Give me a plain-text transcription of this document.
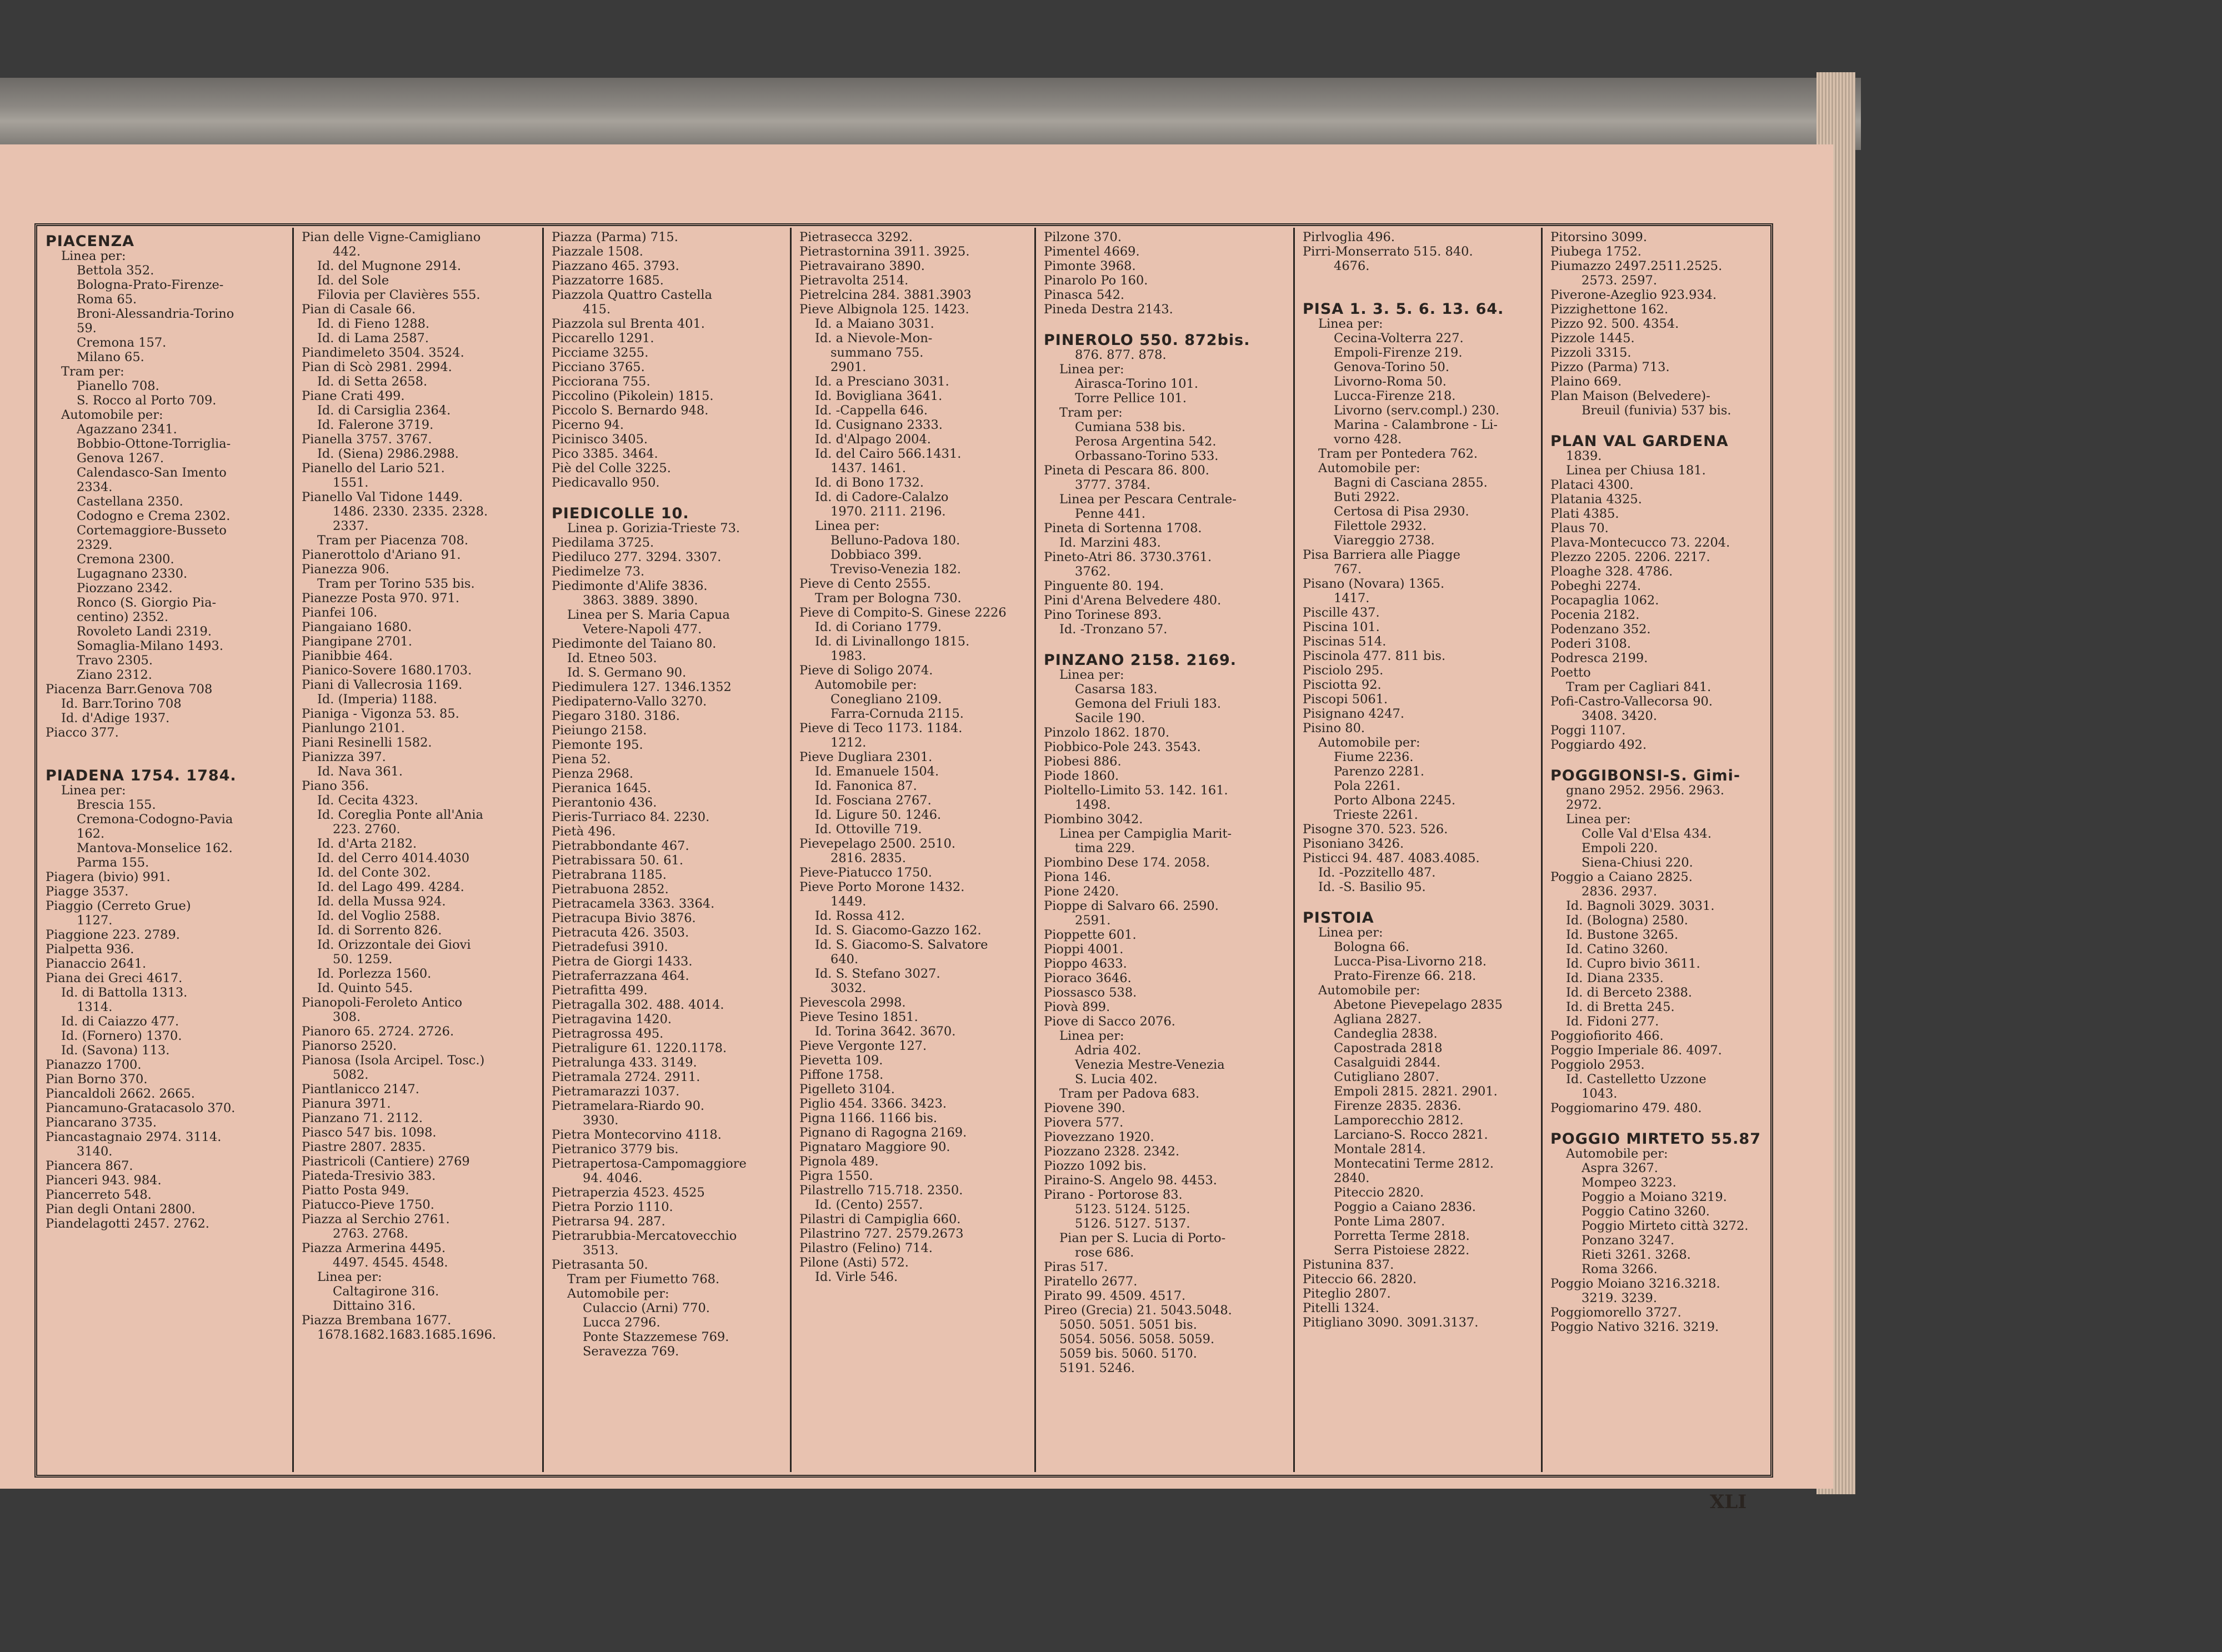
PIACENZA
Linea per:
Bettola 352.
Bologna-Prato-Firenze-
Roma 65.
Broni-Alessandria-Torino
59.
Cremona 157.
Milano 65.
Tram per:
Pianello 708.
S. Rocco al Porto 709.
Automobile per:
Agazzano 2341.
Bobbio-Ottone-Torriglia-
Genova 1267.
Calendasco-San Imento
2334.
Castellana 2350.
Codogno e Crema 2302.
Cortemaggiore-Busseto
2329.
Cremona 2300.
Lugagnano 2330.
Piozzano 2342.
Ronco (S. Giorgio Pia-
centino) 2352.
Rovoleto Landi 2319.
Somaglia-Milano 1493.
Travo 2305.
Ziano 2312.
Piacenza Barr.Genova 708
Id. Barr.Torino 708
Id. d'Adige 1937.
Piacco 377.
PIADENA 1754. 1784.
Linea per:
Brescia 155.
Cremona-Codogno-Pavia
162.
Mantova-Monselice 162.
Parma 155.
Piagera (bivio) 991.
Piagge 3537.
Piaggio (Cerreto Grue)
1127.
Piaggione 223. 2789.
Pialpetta 936.
Pianaccio 2641.
Piana dei Greci 4617.
Id. di Battolla 1313.
1314.
Id. di Caiazzo 477.
Id. (Fornero) 1370.
Id. (Savona) 113.
Pianazzo 1700.
Pian Borno 370.
Piancaldoli 2662. 2665.
Piancamuno-Gratacasolo 370.
Piancarano 3735.
Piancastagnaio 2974. 3114.
3140.
Piancera 867.
Pianceri 943. 984.
Piancerreto 548.
Pian degli Ontani 2800.
Piandelagotti 2457. 2762.
Pian delle Vigne-Camigliano
442.
Id. del Mugnone 2914.
Id. del Sole
Filovia per Clavières 555.
Pian di Casale 66.
Id. di Fieno 1288.
Id. di Lama 2587.
Piandimeleto 3504. 3524.
Pian di Scò 2981. 2994.
Id. di Setta 2658.
Piane Crati 499.
Id. di Carsiglia 2364.
Id. Falerone 3719.
Pianella 3757. 3767.
Id. (Siena) 2986.2988.
Pianello del Lario 521.
1551.
Pianello Val Tidone 1449.
1486. 2330. 2335. 2328.
2337.
Tram per Piacenza 708.
Pianerottolo d'Ariano 91.
Pianezza 906.
Tram per Torino 535 bis.
Pianezze Posta 970. 971.
Pianfei 106.
Piangaiano 1680.
Piangipane 2701.
Pianibbie 464.
Pianico-Sovere 1680.1703.
Piani di Vallecrosia 1169.
Id. (Imperia) 1188.
Pianiga - Vigonza 53. 85.
Pianlungo 2101.
Piani Resinelli 1582.
Pianizza 397.
Id. Nava 361.
Piano 356.
Id. Cecita 4323.
Id. Coreglia Ponte all'Ania
223. 2760.
Id. d'Arta 2182.
Id. del Cerro 4014.4030
Id. del Conte 302.
Id. del Lago 499. 4284.
Id. della Mussa 924.
Id. del Voglio 2588.
Id. di Sorrento 826.
Id. Orizzontale dei Giovi
50. 1259.
Id. Porlezza 1560.
Id. Quinto 545.
Pianopoli-Feroleto Antico
308.
Pianoro 65. 2724. 2726.
Pianorso 2520.
Pianosa (Isola Arcipel. Tosc.)
5082.
Piantlanicco 2147.
Pianura 3971.
Pianzano 71. 2112.
Piasco 547 bis. 1098.
Piastre 2807. 2835.
Piastricoli (Cantiere) 2769
Piateda-Tresivio 383.
Piatto Posta 949.
Piatucco-Pieve 1750.
Piazza al Serchio 2761.
2763. 2768.
Piazza Armerina 4495.
4497. 4545. 4548.
Linea per:
Caltagirone 316.
Dittaino 316.
Piazza Brembana 1677.
1678.1682.1683.1685.1696.
Piazza (Parma) 715.
Piazzale 1508.
Piazzano 465. 3793.
Piazzatorre 1685.
Piazzola Quattro Castella
415.
Piazzola sul Brenta 401.
Piccarello 1291.
Picciame 3255.
Picciano 3765.
Picciorana 755.
Piccolino (Pikolein) 1815.
Piccolo S. Bernardo 948.
Picerno 94.
Picinisco 3405.
Pico 3385. 3464.
Piè del Colle 3225.
Piedicavallo 950.
PIEDICOLLE 10.
Linea p. Gorizia-Trieste 73.
Piedilama 3725.
Piediluco 277. 3294. 3307.
Piedimelze 73.
Piedimonte d'Alife 3836.
3863. 3889. 3890.
Linea per S. Maria Capua
Vetere-Napoli 477.
Piedimonte del Taiano 80.
Id. Etneo 503.
Id. S. Germano 90.
Piedimulera 127. 1346.1352
Piedipaterno-Vallo 3270.
Piegaro 3180. 3186.
Pieiungo 2158.
Piemonte 195.
Piena 52.
Pienza 2968.
Pieranica 1645.
Pierantonio 436.
Pieris-Turriaco 84. 2230.
Pietà 496.
Pietrabbondante 467.
Pietrabissara 50. 61.
Pietrabrana 1185.
Pietrabuona 2852.
Pietracamela 3363. 3364.
Pietracupa Bivio 3876.
Pietracuta 426. 3503.
Pietradefusi 3910.
Pietra de Giorgi 1433.
Pietraferrazzana 464.
Pietrafitta 499.
Pietragalla 302. 488. 4014.
Pietragavina 1420.
Pietragrossa 495.
Pietraligure 61. 1220.1178.
Pietralunga 433. 3149.
Pietramala 2724. 2911.
Pietramarazzi 1037.
Pietramelara-Riardo 90.
3930.
Pietra Montecorvino 4118.
Pietranico 3779 bis.
Pietrapertosa-Campomaggiore
94. 4046.
Pietraperzia 4523. 4525
Pietra Porzio 1110.
Pietrarsa 94. 287.
Pietrarubbia-Mercatovecchio
3513.
Pietrasanta 50.
Tram per Fiumetto 768.
Automobile per:
Culaccio (Arni) 770.
Lucca 2796.
Ponte Stazzemese 769.
Seravezza 769.
Pietrasecca 3292.
Pietrastornina 3911. 3925.
Pietravairano 3890.
Pietravolta 2514.
Pietrelcina 284. 3881.3903
Pieve Albignola 125. 1423.
Id. a Maiano 3031.
Id. a Nievole-Mon-
summano 755.
2901.
Id. a Presciano 3031.
Id. Bovigliana 3641.
Id. -Cappella 646.
Id. Cusignano 2333.
Id. d'Alpago 2004.
Id. del Cairo 566.1431.
1437. 1461.
Id. di Bono 1732.
Id. di Cadore-Calalzo
1970. 2111. 2196.
Linea per:
Belluno-Padova 180.
Dobbiaco 399.
Treviso-Venezia 182.
Pieve di Cento 2555.
Tram per Bologna 730.
Pieve di Compito-S. Ginese 2226
Id. di Coriano 1779.
Id. di Livinallongo 1815.
1983.
Pieve di Soligo 2074.
Automobile per:
Conegliano 2109.
Farra-Cornuda 2115.
Pieve di Teco 1173. 1184.
1212.
Pieve Dugliara 2301.
Id. Emanuele 1504.
Id. Fanonica 87.
Id. Fosciana 2767.
Id. Ligure 50. 1246.
Id. Ottoville 719.
Pievepelago 2500. 2510.
2816. 2835.
Pieve-Piatucco 1750.
Pieve Porto Morone 1432.
1449.
Id. Rossa 412.
Id. S. Giacomo-Gazzo 162.
Id. S. Giacomo-S. Salvatore
640.
Id. S. Stefano 3027.
3032.
Pievescola 2998.
Pieve Tesino 1851.
Id. Torina 3642. 3670.
Pieve Vergonte 127.
Pievetta 109.
Piffone 1758.
Pigelleto 3104.
Piglio 454. 3366. 3423.
Pigna 1166. 1166 bis.
Pignano di Ragogna 2169.
Pignataro Maggiore 90.
Pignola 489.
Pigra 1550.
Pilastrello 715.718. 2350.
Id. (Cento) 2557.
Pilastri di Campiglia 660.
Pilastrino 727. 2579.2673
Pilastro (Felino) 714.
Pilone (Asti) 572.
Id. Virle 546.
Pilzone 370.
Pimentel 4669.
Pimonte 3968.
Pinarolo Po 160.
Pinasca 542.
Pineda Destra 2143.
PINEROLO 550. 872bis.
876. 877. 878.
Linea per:
Airasca-Torino 101.
Torre Pellice 101.
Tram per:
Cumiana 538 bis.
Perosa Argentina 542.
Orbassano-Torino 533.
Pineta di Pescara 86. 800.
3777. 3784.
Linea per Pescara Centrale-
Penne 441.
Pineta di Sortenna 1708.
Id. Marzini 483.
Pineto-Atri 86. 3730.3761.
3762.
Pinguente 80. 194.
Pini d'Arena Belvedere 480.
Pino Torinese 893.
Id. -Tronzano 57.
PINZANO 2158. 2169.
Linea per:
Casarsa 183.
Gemona del Friuli 183.
Sacile 190.
Pinzolo 1862. 1870.
Piobbico-Pole 243. 3543.
Piobesi 886.
Piode 1860.
Pioltello-Limito 53. 142. 161.
1498.
Piombino 3042.
Linea per Campiglia Marit-
tima 229.
Piombino Dese 174. 2058.
Piona 146.
Pione 2420.
Pioppe di Salvaro 66. 2590.
2591.
Pioppette 601.
Pioppi 4001.
Pioppo 4633.
Pioraco 3646.
Piossasco 538.
Piovà 899.
Piove di Sacco 2076.
Linea per:
Adria 402.
Venezia Mestre-Venezia
S. Lucia 402.
Tram per Padova 683.
Piovene 390.
Piovera 577.
Piovezzano 1920.
Piozzano 2328. 2342.
Piozzo 1092 bis.
Piraino-S. Angelo 98. 4453.
Pirano - Portorose 83.
5123. 5124. 5125.
5126. 5127. 5137.
Pian per S. Lucia di Porto-
rose 686.
Piras 517.
Piratello 2677.
Pirato 99. 4509. 4517.
Pireo (Grecia) 21. 5043.5048.
5050. 5051. 5051 bis.
5054. 5056. 5058. 5059.
5059 bis. 5060. 5170.
5191. 5246.
Pirlvoglia 496.
Pirri-Monserrato 515. 840.
4676.
PISA 1. 3. 5. 6. 13. 64.
Linea per:
Cecina-Volterra 227.
Empoli-Firenze 219.
Genova-Torino 50.
Livorno-Roma 50.
Lucca-Firenze 218.
Livorno (serv.compl.) 230.
Marina - Calambrone - Li-
vorno 428.
Tram per Pontedera 762.
Automobile per:
Bagni di Casciana 2855.
Buti 2922.
Certosa di Pisa 2930.
Filettole 2932.
Viareggio 2738.
Pisa Barriera alle Piagge
767.
Pisano (Novara) 1365.
1417.
Piscille 437.
Piscina 101.
Piscinas 514.
Piscinola 477. 811 bis.
Pisciolo 295.
Pisciotta 92.
Piscopi 5061.
Pisignano 4247.
Pisino 80.
Automobile per:
Fiume 2236.
Parenzo 2281.
Pola 2261.
Porto Albona 2245.
Trieste 2261.
Pisogne 370. 523. 526.
Pisoniano 3426.
Pisticci 94. 487. 4083.4085.
Id. -Pozzitello 487.
Id. -S. Basilio 95.
PISTOIA
Linea per:
Bologna 66.
Lucca-Pisa-Livorno 218.
Prato-Firenze 66. 218.
Automobile per:
Abetone Pievepelago 2835
Agliana 2827.
Candeglia 2838.
Capostrada 2818
Casalguidi 2844.
Cutigliano 2807.
Empoli 2815. 2821. 2901.
Firenze 2835. 2836.
Lamporecchio 2812.
Larciano-S. Rocco 2821.
Montale 2814.
Montecatini Terme 2812.
2840.
Piteccio 2820.
Poggio a Caiano 2836.
Ponte Lima 2807.
Porretta Terme 2818.
Serra Pistoiese 2822.
Pistunina 837.
Piteccio 66. 2820.
Piteglio 2807.
Pitelli 1324.
Pitigliano 3090. 3091.3137.
Pitorsino 3099.
Piubega 1752.
Piumazzo 2497.2511.2525.
2573. 2597.
Piverone-Azeglio 923.934.
Pizzighettone 162.
Pizzo 92. 500. 4354.
Pizzole 1445.
Pizzoli 3315.
Pizzo (Parma) 713.
Plaino 669.
Plan Maison (Belvedere)-
Breuil (funivia) 537 bis.
PLAN VAL GARDENA
1839.
Linea per Chiusa 181.
Plataci 4300.
Platania 4325.
Plati 4385.
Plaus 70.
Plava-Montecucco 73. 2204.
Plezzo 2205. 2206. 2217.
Ploaghe 328. 4786.
Pobeghi 2274.
Pocapaglia 1062.
Pocenia 2182.
Podenzano 352.
Poderi 3108.
Podresca 2199.
Poetto
Tram per Cagliari 841.
Pofi-Castro-Vallecorsa 90.
3408. 3420.
Poggi 1107.
Poggiardo 492.
POGGIBONSI-S. Gimi-
gnano 2952. 2956. 2963.
2972.
Linea per:
Colle Val d'Elsa 434.
Empoli 220.
Siena-Chiusi 220.
Poggio a Caiano 2825.
2836. 2937.
Id. Bagnoli 3029. 3031.
Id. (Bologna) 2580.
Id. Bustone 3265.
Id. Catino 3260.
Id. Cupro bivio 3611.
Id. Diana 2335.
Id. di Berceto 2388.
Id. di Bretta 245.
Id. Fidoni 277.
Poggiofiorito 466.
Poggio Imperiale 86. 4097.
Poggiolo 2953.
Id. Castelletto Uzzone
1043.
Poggiomarino 479. 480.
POGGIO MIRTETO 55.87
Automobile per:
Aspra 3267.
Mompeo 3223.
Poggio a Moiano 3219.
Poggio Catino 3260.
Poggio Mirteto città 3272.
Ponzano 3247.
Rieti 3261. 3268.
Roma 3266.
Poggio Moiano 3216.3218.
3219. 3239.
Poggiomorello 3727.
Poggio Nativo 3216. 3219.
XLI
